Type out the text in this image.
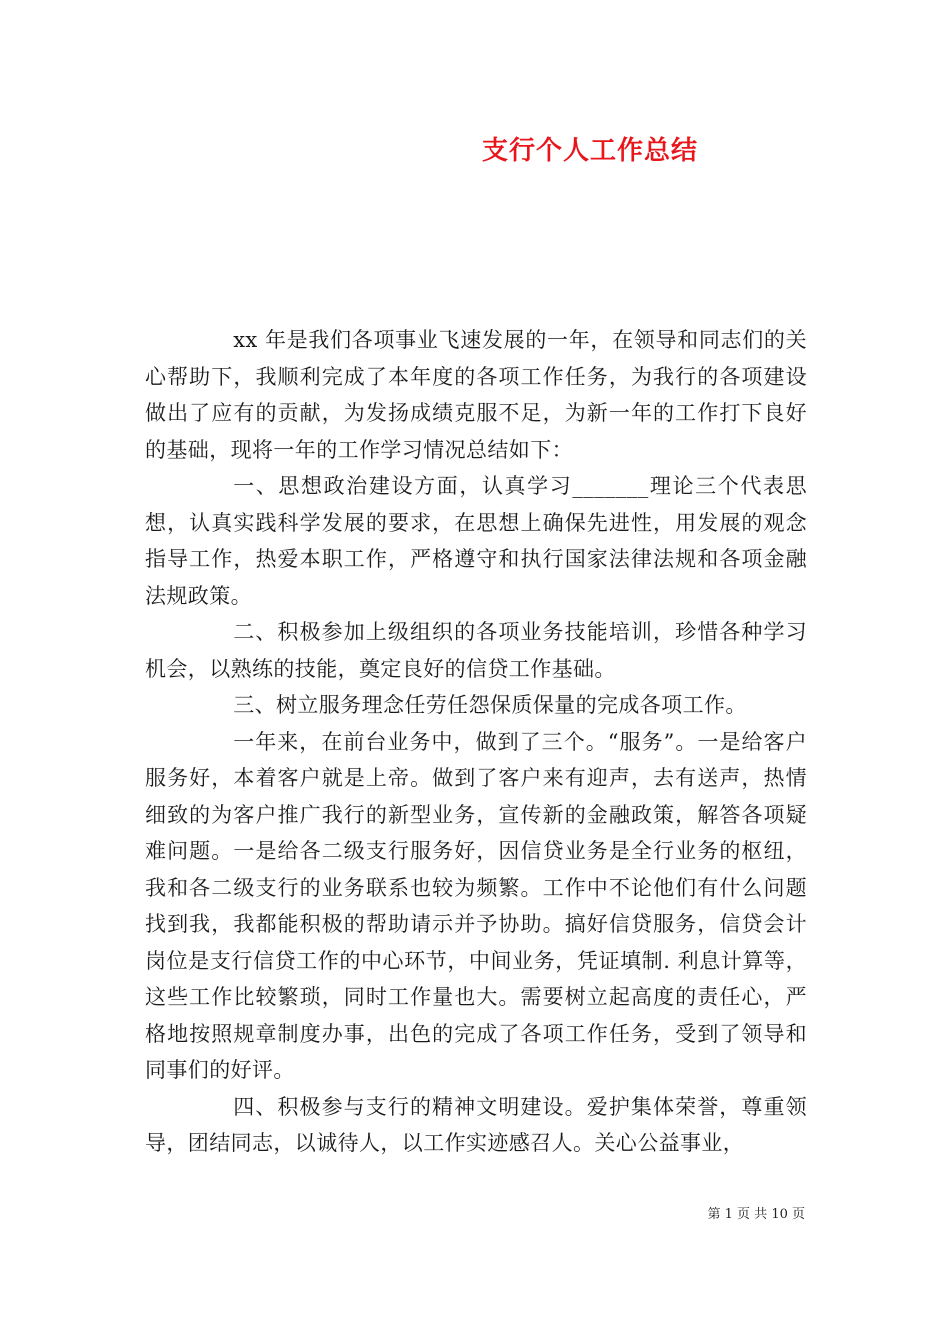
支行个人工作总结

xx 年是我们各项事业飞速发展的一年，在领导和同志们的关心帮助下，我顺利完成了本年度的各项工作任务，为我行的各项建设做出了应有的贡献，为发扬成绩克服不足，为新一年的工作打下良好的基础，现将一年的工作学习情况总结如下：

一、思想政治建设方面，认真学习_______理论三个代表思想，认真实践科学发展的要求，在思想上确保先进性，用发展的观念指导工作，热爱本职工作，严格遵守和执行国家法律法规和各项金融法规政策。

二、积极参加上级组织的各项业务技能培训，珍惜各种学习机会，以熟练的技能，奠定良好的信贷工作基础。

三、树立服务理念任劳任怨保质保量的完成各项工作。

一年来，在前台业务中，做到了三个。“服务”。一是给客户服务好，本着客户就是上帝。做到了客户来有迎声，去有送声，热情细致的为客户推广我行的新型业务，宣传新的金融政策，解答各项疑难问题。一是给各二级支行服务好，因信贷业务是全行业务的枢纽，我和各二级支行的业务联系也较为频繁。工作中不论他们有什么问题找到我，我都能积极的帮助请示并予协助。搞好信贷服务，信贷会计岗位是支行信贷工作的中心环节，中间业务，凭证填制. 利息计算等，这些工作比较繁琐，同时工作量也大。需要树立起高度的责任心，严格地按照规章制度办事，出色的完成了各项工作任务，受到了领导和同事们的好评。

四、积极参与支行的精神文明建设。爱护集体荣誉，尊重领导，团结同志，以诚待人，以工作实迹感召人。关心公益事业，

第 1 页 共 10 页
